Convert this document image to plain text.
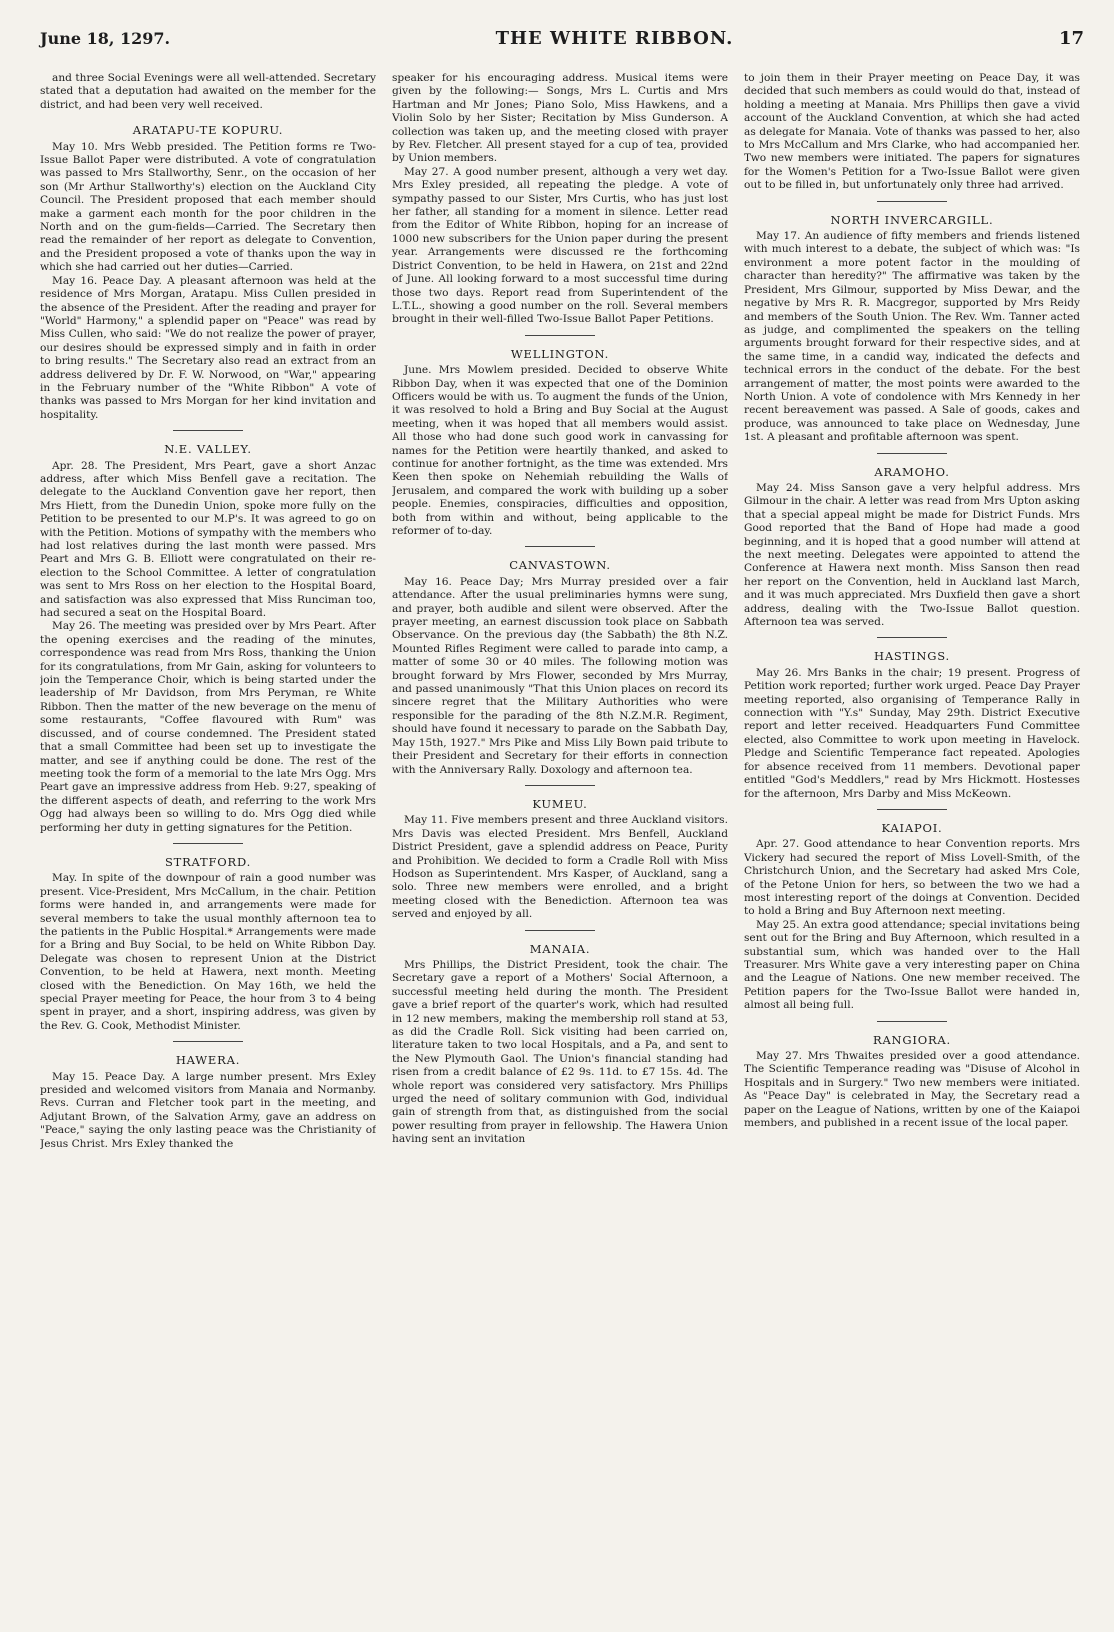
June 18, 1297.	THE WHITE RIBBON.	17

and three Social Evenings were all well-attended. Secretary stated that a deputation had awaited on the member for the district, and had been very well received.

ARATAPU-TE KOPURU.

May 10. Mrs Webb presided. The Petition forms re Two-Issue Ballot Paper were distributed. A vote of congratulation was passed to Mrs Stallworthy, Senr., on the occasion of her son (Mr Arthur Stallworthy's) election on the Auckland City Council. The President proposed that each member should make a garment each month for the poor children in the North and on the gum-fields—Carried. The Secretary then read the remainder of her report as delegate to Convention, and the President proposed a vote of thanks upon the way in which she had carried out her duties—Carried.

May 16. Peace Day. A pleasant afternoon was held at the residence of Mrs Morgan, Aratapu. Miss Cullen presided in the absence of the President. After the reading and prayer for "World" Harmony," a splendid paper on "Peace" was read by Miss Cullen, who said: "We do not realize the power of prayer, our desires should be expressed simply and in faith in order to bring results." The Secretary also read an extract from an address delivered by Dr. F. W. Norwood, on "War," appearing in the February number of the "White Ribbon" A vote of thanks was passed to Mrs Morgan for her kind invitation and hospitality.

N.E. VALLEY.

Apr. 28. The President, Mrs Peart, gave a short Anzac address, after which Miss Benfell gave a recitation. The delegate to the Auckland Convention gave her report, then Mrs Hiett, from the Dunedin Union, spoke more fully on the Petition to be presented to our M.P's. It was agreed to go on with the Petition. Motions of sympathy with the members who had lost relatives during the last month were passed. Mrs Peart and Mrs G. B. Elliott were congratulated on their re-election to the School Committee. A letter of congratulation was sent to Mrs Ross on her election to the Hospital Board, and satisfaction was also expressed that Miss Runciman too, had secured a seat on the Hospital Board.

May 26. The meeting was presided over by Mrs Peart. After the opening exercises and the reading of the minutes, correspondence was read from Mrs Ross, thanking the Union for its congratulations, from Mr Gain, asking for volunteers to join the Temperance Choir, which is being started under the leadership of Mr Davidson, from Mrs Peryman, re White Ribbon. Then the matter of the new beverage on the menu of some restaurants, "Coffee flavoured with Rum" was discussed, and of course condemned. The President stated that a small Committee had been set up to investigate the matter, and see if anything could be done. The rest of the meeting took the form of a memorial to the late Mrs Ogg. Mrs Peart gave an impressive address from Heb. 9:27, speaking of the different aspects of death, and referring to the work Mrs Ogg had always been so willing to do. Mrs Ogg died while performing her duty in getting signatures for the Petition.

STRATFORD.

May. In spite of the downpour of rain a good number was present. Vice-President, Mrs McCallum, in the chair. Petition forms were handed in, and arrangements were made for several members to take the usual monthly afternoon tea to the patients in the Public Hospital.* Arrangements were made for a Bring and Buy Social, to be held on White Ribbon Day. Delegate was chosen to represent Union at the District Convention, to be held at Hawera, next month. Meeting closed with the Benediction. On May 16th, we held the special Prayer meeting for Peace, the hour from 3 to 4 being spent in prayer, and a short, inspiring address, was given by the Rev. G. Cook, Methodist Minister.

HAWERA.

May 15. Peace Day. A large number present. Mrs Exley presided and welcomed visitors from Manaia and Normanby. Revs. Curran and Fletcher took part in the meeting, and Adjutant Brown, of the Salvation Army, gave an address on "Peace," saying the only lasting peace was the Christianity of Jesus Christ. Mrs Exley thanked the

speaker for his encouraging address. Musical items were given by the following:— Songs, Mrs L. Curtis and Mrs Hartman and Mr Jones; Piano Solo, Miss Hawkens, and a Violin Solo by her Sister; Recitation by Miss Gunderson. A collection was taken up, and the meeting closed with prayer by Rev. Fletcher. All present stayed for a cup of tea, provided by Union members.

May 27. A good number present, although a very wet day. Mrs Exley presided, all repeating the pledge. A vote of sympathy passed to our Sister, Mrs Curtis, who has just lost her father, all standing for a moment in silence. Letter read from the Editor of White Ribbon, hoping for an increase of 1000 new subscribers for the Union paper during the present year. Arrangements were discussed re the forthcoming District Convention, to be held in Hawera, on 21st and 22nd of June. All looking forward to a most successful time during those two days. Report read from Superintendent of the L.T.L., showing a good number on the roll. Several members brought in their well-filled Two-Issue Ballot Paper Petitions.

WELLINGTON.

June. Mrs Mowlem presided. Decided to observe White Ribbon Day, when it was expected that one of the Dominion Officers would be with us. To augment the funds of the Union, it was resolved to hold a Bring and Buy Social at the August meeting, when it was hoped that all members would assist. All those who had done such good work in canvassing for names for the Petition were heartily thanked, and asked to continue for another fortnight, as the time was extended. Mrs Keen then spoke on Nehemiah rebuilding the Walls of Jerusalem, and compared the work with building up a sober people. Enemies, conspiracies, difficulties and opposition, both from within and without, being applicable to the reformer of to-day.

CANVASTOWN.

May 16. Peace Day; Mrs Murray presided over a fair attendance. After the usual preliminaries hymns were sung, and prayer, both audible and silent were observed. After the prayer meeting, an earnest discussion took place on Sabbath Observance. On the previous day (the Sabbath) the 8th N.Z. Mounted Rifles Regiment were called to parade into camp, a matter of some 30 or 40 miles. The following motion was brought forward by Mrs Flower, seconded by Mrs Murray, and passed unanimously "That this Union places on record its sincere regret that the Military Authorities who were responsible for the parading of the 8th N.Z.M.R. Regiment, should have found it necessary to parade on the Sabbath Day, May 15th, 1927." Mrs Pike and Miss Lily Bown paid tribute to their President and Secretary for their efforts in connection with the Anniversary Rally. Doxology and afternoon tea.

KUMEU.

May 11. Five members present and three Auckland visitors. Mrs Davis was elected President. Mrs Benfell, Auckland District President, gave a splendid address on Peace, Purity and Prohibition. We decided to form a Cradle Roll with Miss Hodson as Superintendent. Mrs Kasper, of Auckland, sang a solo. Three new members were enrolled, and a bright meeting closed with the Benediction. Afternoon tea was served and enjoyed by all.

MANAIA.

Mrs Phillips, the District President, took the chair. The Secretary gave a report of a Mothers' Social Afternoon, a successful meeting held during the month. The President gave a brief report of the quarter's work, which had resulted in 12 new members, making the membership roll stand at 53, as did the Cradle Roll. Sick visiting had been carried on, literature taken to two local Hospitals, and a Pa, and sent to the New Plymouth Gaol. The Union's financial standing had risen from a credit balance of £2 9s. 11d. to £7 15s. 4d. The whole report was considered very satisfactory. Mrs Phillips urged the need of solitary communion with God, individual gain of strength from that, as distinguished from the social power resulting from prayer in fellowship. The Hawera Union having sent an invitation

to join them in their Prayer meeting on Peace Day, it was decided that such members as could would do that, instead of holding a meeting at Manaia. Mrs Phillips then gave a vivid account of the Auckland Convention, at which she had acted as delegate for Manaia. Vote of thanks was passed to her, also to Mrs McCallum and Mrs Clarke, who had accompanied her. Two new members were initiated. The papers for signatures for the Women's Petition for a Two-Issue Ballot were given out to be filled in, but unfortunately only three had arrived.

NORTH INVERCARGILL.

May 17. An audience of fifty members and friends listened with much interest to a debate, the subject of which was: "Is environment a more potent factor in the moulding of character than heredity?" The affirmative was taken by the President, Mrs Gilmour, supported by Miss Dewar, and the negative by Mrs R. R. Macgregor, supported by Mrs Reidy and members of the South Union. The Rev. Wm. Tanner acted as judge, and complimented the speakers on the telling arguments brought forward for their respective sides, and at the same time, in a candid way, indicated the defects and technical errors in the conduct of the debate. For the best arrangement of matter, the most points were awarded to the North Union. A vote of condolence with Mrs Kennedy in her recent bereavement was passed. A Sale of goods, cakes and produce, was announced to take place on Wednesday, June 1st. A pleasant and profitable afternoon was spent.

ARAMOHO.

May 24. Miss Sanson gave a very helpful address. Mrs Gilmour in the chair. A letter was read from Mrs Upton asking that a special appeal might be made for District Funds. Mrs Good reported that the Band of Hope had made a good beginning, and it is hoped that a good number will attend at the next meeting. Delegates were appointed to attend the Conference at Hawera next month. Miss Sanson then read her report on the Convention, held in Auckland last March, and it was much appreciated. Mrs Duxfield then gave a short address, dealing with the Two-Issue Ballot question. Afternoon tea was served.

HASTINGS.

May 26. Mrs Banks in the chair; 19 present. Progress of Petition work reported; further work urged. Peace Day Prayer meeting reported, also organising of Temperance Rally in connection with "Y.s" Sunday, May 29th. District Executive report and letter received. Headquarters Fund Committee elected, also Committee to work upon meeting in Havelock. Pledge and Scientific Temperance fact repeated. Apologies for absence received from 11 members. Devotional paper entitled "God's Meddlers," read by Mrs Hickmott. Hostesses for the afternoon, Mrs Darby and Miss McKeown.

KAIAPOI.

Apr. 27. Good attendance to hear Convention reports. Mrs Vickery had secured the report of Miss Lovell-Smith, of the Christchurch Union, and the Secretary had asked Mrs Cole, of the Petone Union for hers, so between the two we had a most interesting report of the doings at Convention. Decided to hold a Bring and Buy Afternoon next meeting.

May 25. An extra good attendance; special invitations being sent out for the Bring and Buy Afternoon, which resulted in a substantial sum, which was handed over to the Hall Treasurer. Mrs White gave a very interesting paper on China and the League of Nations. One new member received. The Petition papers for the Two-Issue Ballot were handed in, almost all being full.

RANGIORA.

May 27. Mrs Thwaites presided over a good attendance. The Scientific Temperance reading was "Disuse of Alcohol in Hospitals and in Surgery." Two new members were initiated. As "Peace Day" is celebrated in May, the Secretary read a paper on the League of Nations, written by one of the Kaiapoi members, and published in a recent issue of the local paper.
